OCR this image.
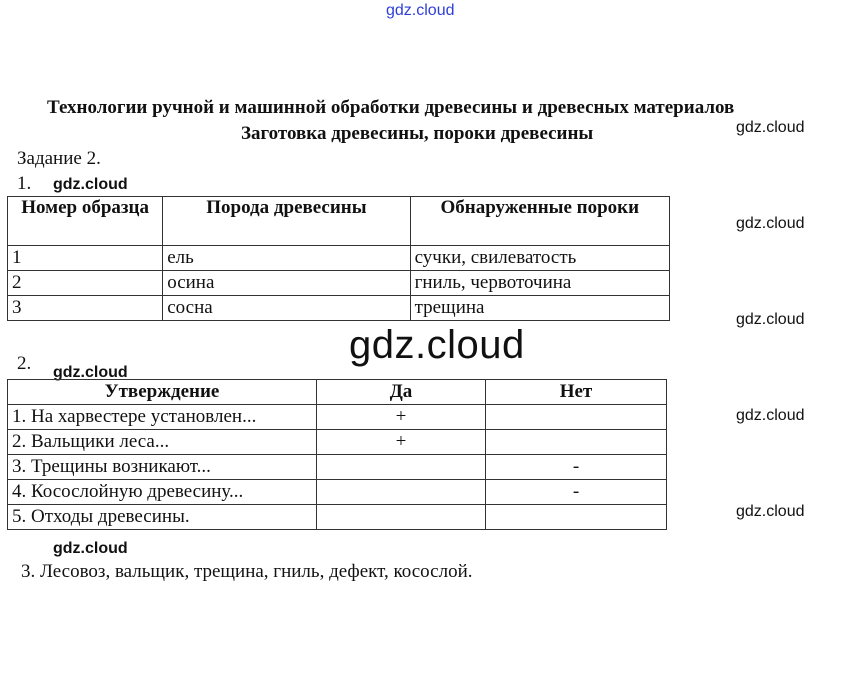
gdz.cloud
gdz.cloud
gdz.cloud
gdz.cloud
gdz.cloud
gdz.cloud
Технологии ручной и машинной обработки древесины и древесных материалов
Заготовка древесины, пороки древесины
Задание 2.
1. gdz.cloud
Номер образца	Порода древесины	Обнаруженные пороки
1	ель	сучки, свилеватость
2	осина	гниль, червоточина
3	сосна	трещина
gdz.cloud
2. gdz.cloud
Утверждение	Да	Нет
1. На харвестере установлен...	+	
2. Вальщики леса...	+	
3. Трещины возникают...		-
4. Косослойную древесину...		-
5. Отходы древесины.		
gdz.cloud
3. Лесовоз, вальщик, трещина, гниль, дефект, косослой.
